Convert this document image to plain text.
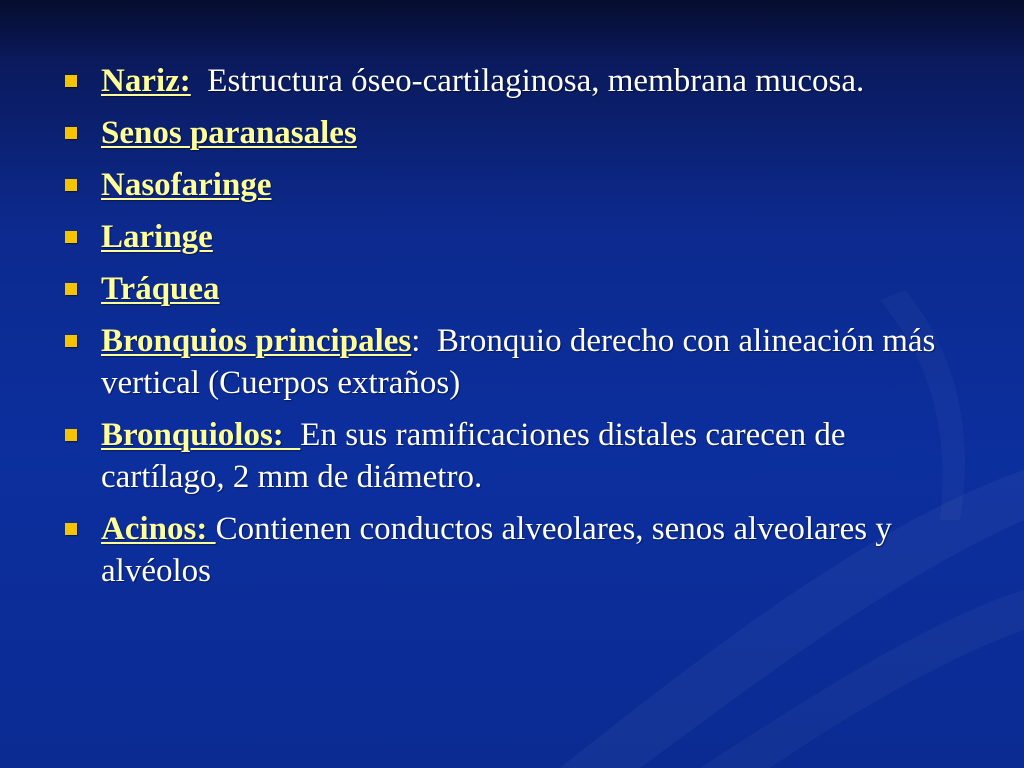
Nariz: Estructura óseo-cartilaginosa, membrana mucosa.
Senos paranasales
Nasofaringe
Laringe
Tráquea
Bronquios principales:  Bronquio derecho con alineación más vertical (Cuerpos extraños)
Bronquiolos:  En sus ramificaciones distales carecen de cartílago, 2 mm de diámetro.
Acinos: Contienen conductos alveolares, senos alveolares y alvéolos
